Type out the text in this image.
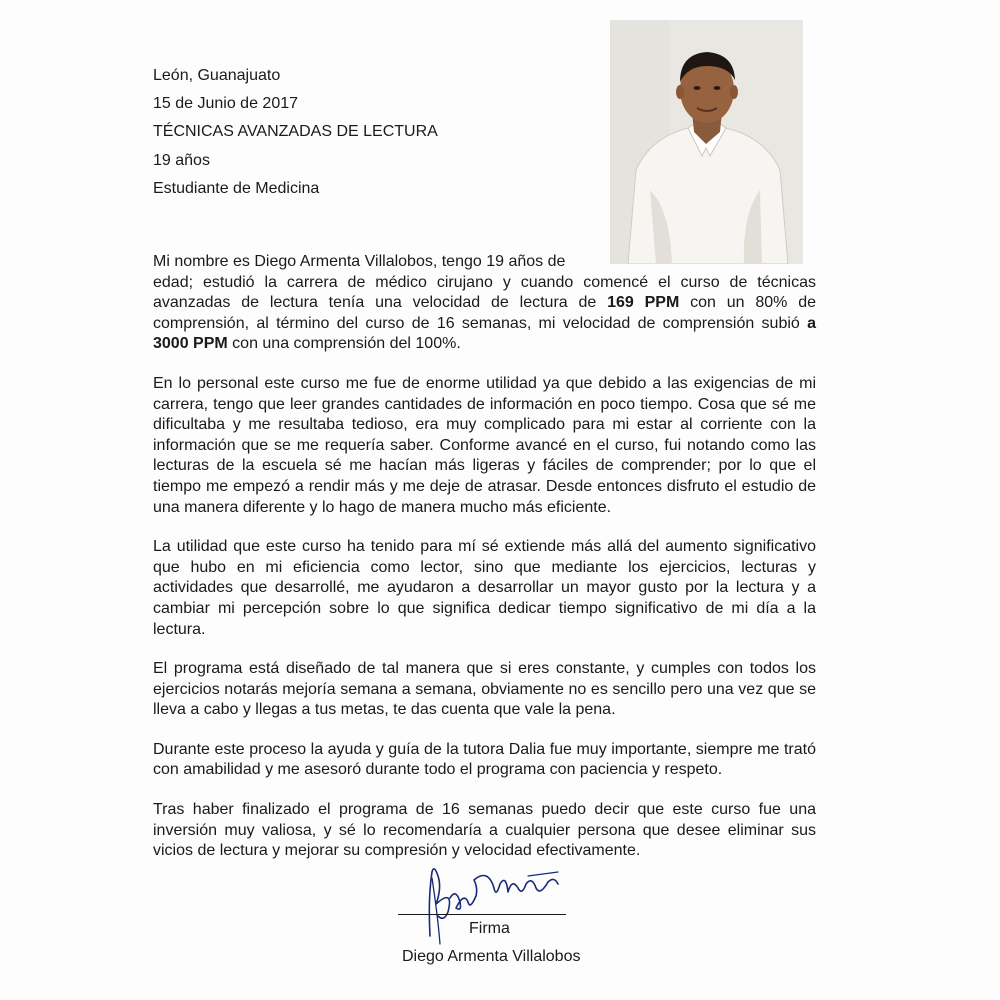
León, Guanajuato
15 de Junio de 2017
TÉCNICAS AVANZADAS DE LECTURA
19 años
Estudiante de Medicina
Mi nombre es Diego Armenta Villalobos, tengo 19 años de
edad; estudió la carrera de médico cirujano y cuando comencé el curso de técnicas avanzadas de lectura tenía una velocidad de lectura de 169 PPM con un 80% de comprensión, al término del curso de 16 semanas, mi velocidad de comprensión subió a 3000 PPM con una comprensión del 100%.
En lo personal este curso me fue de enorme utilidad ya que debido a las exigencias de mi carrera, tengo que leer grandes cantidades de información en poco tiempo. Cosa que sé me dificultaba y me resultaba tedioso, era muy complicado para mi estar al corriente con la información que se me requería saber. Conforme avancé en el curso, fui notando como las lecturas de la escuela sé me hacían más ligeras y fáciles de comprender; por lo que el tiempo me empezó a rendir más y me deje de atrasar. Desde entonces disfruto el estudio de una manera diferente y lo hago de manera mucho más eficiente.
La utilidad que este curso ha tenido para mí sé extiende más allá del aumento significativo que hubo en mi eficiencia como lector, sino que mediante los ejercicios, lecturas y actividades que desarrollé, me ayudaron a desarrollar un mayor gusto por la lectura y a cambiar mi percepción sobre lo que significa dedicar tiempo significativo de mi día a la lectura.
El programa está diseñado de tal manera que si eres constante, y cumples con todos los ejercicios notarás mejoría semana a semana, obviamente no es sencillo pero una vez que se lleva a cabo y llegas a tus metas, te das cuenta que vale la pena.
Durante este proceso la ayuda y guía de la tutora Dalia fue muy importante, siempre me trató con amabilidad y me asesoró durante todo el programa con paciencia y respeto.
Tras haber finalizado el programa de 16 semanas puedo decir que este curso fue una inversión muy valiosa, y sé lo recomendaría a cualquier persona que desee eliminar sus vicios de lectura y mejorar su compresión y velocidad efectivamente.
Firma
Diego Armenta Villalobos
